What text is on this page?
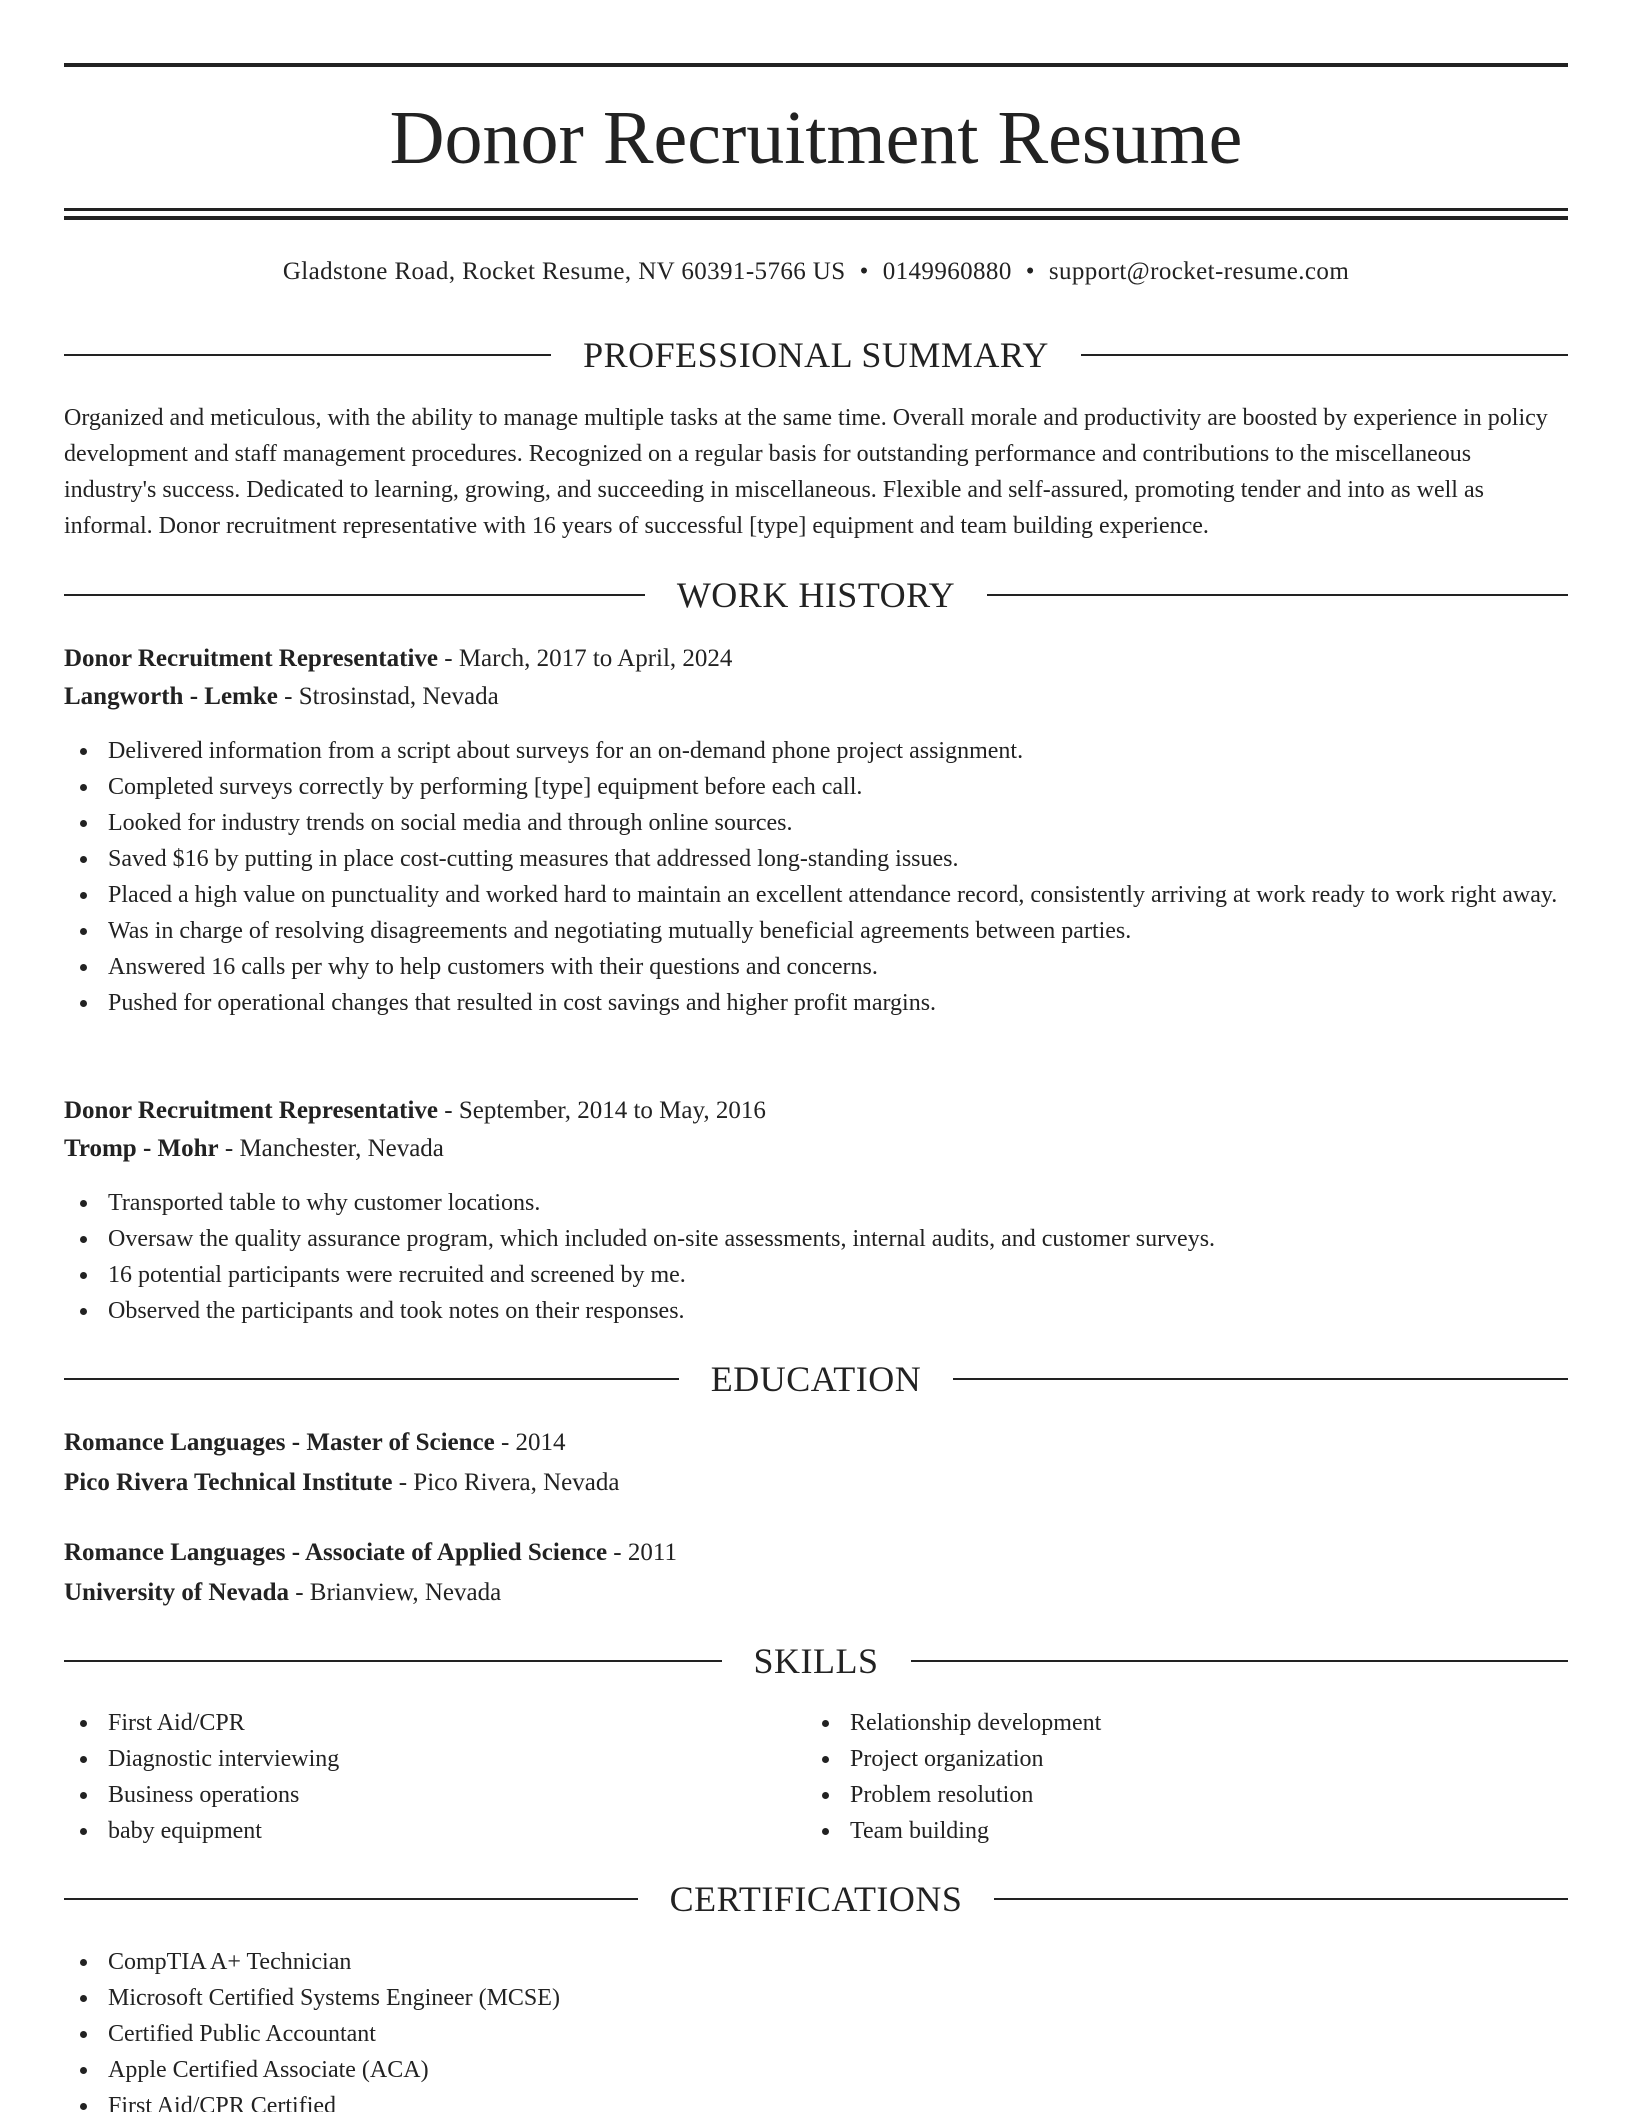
Donor Recruitment Resume
Gladstone Road, Rocket Resume, NV 60391-5766 US • 0149960880 • support@rocket-resume.com
PROFESSIONAL SUMMARY

Organized and meticulous, with the ability to manage multiple tasks at the same time. Overall morale and productivity are boosted by experience in policy development and staff management procedures. Recognized on a regular basis for outstanding performance and contributions to the miscellaneous industry's success. Dedicated to learning, growing, and succeeding in miscellaneous. Flexible and self-assured, promoting tender and into as well as informal. Donor recruitment representative with 16 years of successful [type] equipment and team building experience.

WORK HISTORY
Donor Recruitment Representative - March, 2017 to April, 2024
Langworth - Lemke - Strosinstad, Nevada
Delivered information from a script about surveys for an on-demand phone project assignment.
Completed surveys correctly by performing [type] equipment before each call.
Looked for industry trends on social media and through online sources.
Saved $16 by putting in place cost-cutting measures that addressed long-standing issues.
Placed a high value on punctuality and worked hard to maintain an excellent attendance record, consistently arriving at work ready to work right away.
Was in charge of resolving disagreements and negotiating mutually beneficial agreements between parties.
Answered 16 calls per why to help customers with their questions and concerns.
Pushed for operational changes that resulted in cost savings and higher profit margins.
Donor Recruitment Representative - September, 2014 to May, 2016
Tromp - Mohr - Manchester, Nevada
Transported table to why customer locations.
Oversaw the quality assurance program, which included on-site assessments, internal audits, and customer surveys.
16 potential participants were recruited and screened by me.
Observed the participants and took notes on their responses.
EDUCATION
Romance Languages - Master of Science - 2014
Pico Rivera Technical Institute - Pico Rivera, Nevada
Romance Languages - Associate of Applied Science - 2011
University of Nevada - Brianview, Nevada
SKILLS
First Aid/CPR
Diagnostic interviewing
Business operations
baby equipment
Relationship development
Project organization
Problem resolution
Team building
CERTIFICATIONS
CompTIA A+ Technician
Microsoft Certified Systems Engineer (MCSE)
Certified Public Accountant
Apple Certified Associate (ACA)
First Aid/CPR Certified
